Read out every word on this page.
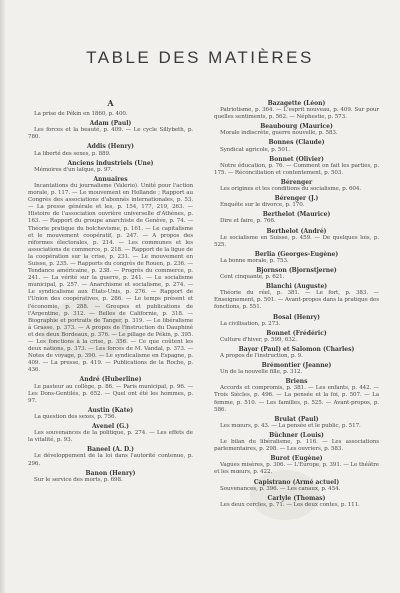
TABLE DES MATIÈRES
A
La prise de Pékin en 1860, p. 400.
Adam (Paul)
Les forces et la beauté, p. 409. — Le cycle Sillybeth, p. 780.
Addis (Henry)
La liberté des sexes, p. 889.
Anciens industriels (Une)
Mémoires d'un laïque, p. 97.
Annuaires
Incantations du journalisme (Valerio). Unité pour l'action morale, p. 117. — Le mouvement en Hollande ; Rapport au Congrès des associations d'abonnés internationales, p. 53. — La presse générale et les, p. 154, 177, 219, 263. — Histoire de l'association ouvrière universelle d'Athènes, p. 163. — Rapport du groupe anarchiste de Genève, p. 74. — Théorie pratique du bolchevisme, p. 161. — Le capitalisme et le mouvement coopératif, p. 247. — A propos des réformes électorales, p. 214. — Les communes et les associations de commerce, p. 218. — Rapport de la ligue de la coopération sur la crise, p. 231. — Le mouvement en Suisse, p. 235. — Rapports du congrès de Rouen, p. 236. — Tendance américaine, p. 238. — Progrès du commerce, p. 241. — La vérité sur la guerre, p. 241. — Le socialisme municipal, p. 257. — Anarchisme et socialisme, p. 274. — Le syndicalisme aux États-Unis, p. 276. — Rapport de l'Union des coopératives, p. 286. — Le temps présent et l'économie, p. 288. — Groupes et publications de l'Argentine, p. 312. — Belles de Californie, p. 318. — Biographie et portraits de Tanger, p. 319. — Le libéralisme à Grasse, p. 373. — A propos de l'instruction du Dauphiné et des deux Bordeaux, p. 376. — Le pillage de Pékin, p. 395. — Les fonctions à la crise, p. 356. — Ce que coûtent les deux nations, p. 373. — Les forces de M. Vandal, p. 373. — Notes de voyage, p. 390. — Le syndicalisme en Espagne, p. 409. — La presse, p. 419. — Publications de la Roche, p. 436.
André (Huberline)
Le pasteur au collège, p. 86. — Paris municipal, p. 96. — Les Dons-Gentilés, p. 652. — Quel ont été les hommes, p. 97.
Austin (Kate)
La question des sexes, p. 756.
Avenel (G.)
Les souvenances de la politique, p. 274. — Les effets de la vitalité, p. 93.
Baneel (A. D.)
Le développement de la loi dans l'autorité contenue, p. 296.
Banon (Henry)
Sur le service des morts, p. 698.
Bazagette (Léon)
Patriotisme, p. 364. — L'esprit nouveau, p. 409. Sur pour quelles sentiments, p. 562. — Néphestie, p. 573.
Beaubourg (Maurice)
Morale indiscrète, guerre nouvelle, p. 583.
Bonnes (Claude)
Syndicat agricole, p. 501.
Bonnet (Olivier)
Notre éducation, p. 76. — Comment on fait les parties, p. 175. — Réconciliation et contentement, p. 503.
Bérenger
Les origines et les conditions du socialisme, p. 604.
Bérenger (J.)
Enquête sur le divorce, p. 170.
Berthelot (Maurice)
Dire et faire, p. 766.
Berthelot (André)
Le socialisme en Suisse, p. 459. — De quelques lois, p. 525.
Berlia (Georges-Eugène)
La bonne morale, p. 753.
Bjornson (Bjornstjerne)
Cent cinquante, p. 621.
Blanchi (Auguste)
Théorie du réel, p. 381. — Le fort, p. 383. — Enseignement, p. 501. — Avant-propos dans la pratique des fonctions, p. 551.
Bosal (Henry)
La civilisation, p. 273.
Bonnet (Frédéric)
Culture d'hiver, p. 599, 632.
Bayor (Paul) et Salomon (Charles)
A propos de l'instruction, p. 9.
Brémontier (Jeanne)
Un de la nouvelle fille, p. 312.
Briens
Accords et compromis, p. 381. — Les enfants, p. 442. — Trois Siècles, p. 496. — La pensée et la foi, p. 507. — La femme, p. 510. — Les familles, p. 525. — Avant-propos, p. 586.
Brulat (Paul)
Les mœurs, p. 43. — La pensée et le public, p. 517.
Büchner (Louis)
Le bilan du libéralisme, p. 116. — Les associations parlementaires, p. 298. — Les ouvriers, p. 583.
Burot (Eugène)
Vagues misères, p. 306. — L'Europe, p. 391. — Le théâtre et les mœurs, p. 422.
Capistrano (Armé actuel)
Souvenances, p. 396. — Les canaux, p. 454.
Carlyle (Thomas)
Les deux cercles, p. 71. — Les deux contes, p. 111.
